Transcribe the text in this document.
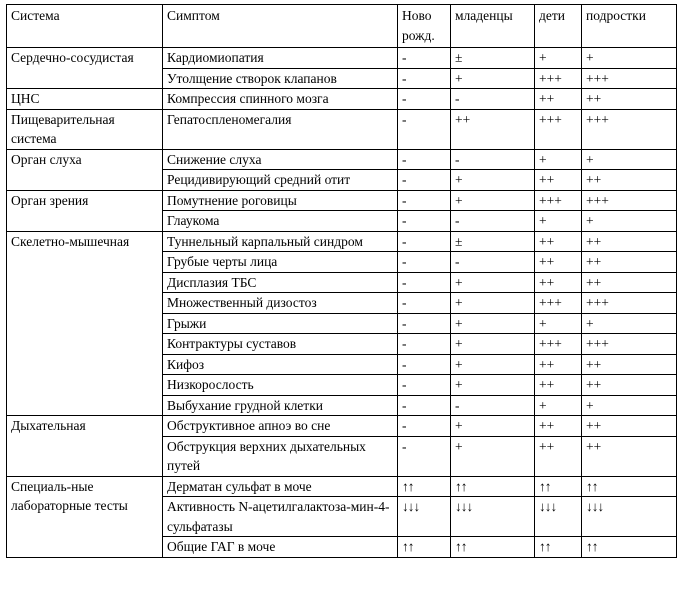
Система	Симптом	Ново рожд.	младенцы	дети	подростки
Сердечно-сосудистая	Кардиомиопатия	-	±	+	+
	Утолщение створок клапанов	-	+	+++	+++
ЦНС	Компрессия спинного мозга	-	-	++	++
Пищеварительная система	Гепатоспленомегалия	-	++	+++	+++
Орган слуха	Снижение слуха	-	-	+	+
	Рецидивирующий средний отит	-	+	++	++
Орган зрения	Помутнение роговицы	-	+	+++	+++
	Глаукома	-	-	+	+
Скелетно-мышечная	Туннельный карпальный синдром	-	±	++	++
	Грубые черты лица	-	-	++	++
	Дисплазия ТБС	-	+	++	++
	Множественный дизостоз	-	+	+++	+++
	Грыжи	-	+	+	+
	Контрактуры суставов	-	+	+++	+++
	Кифоз	-	+	++	++
	Низкорослость	-	+	++	++
	Выбухание грудной клетки	-	-	+	+
Дыхательная	Обструктивное апноэ во сне	-	+	++	++
	Обструкция верхних дыхательных путей	-	+	++	++
Специаль-ные лабораторные тесты	Дерматан сульфат в моче	↑↑	↑↑	↑↑	↑↑
	Активность N-ацетилгалактоза-мин-4-сульфатазы	↓↓↓	↓↓↓	↓↓↓	↓↓↓
	Общие ГАГ в моче	↑↑	↑↑	↑↑	↑↑
